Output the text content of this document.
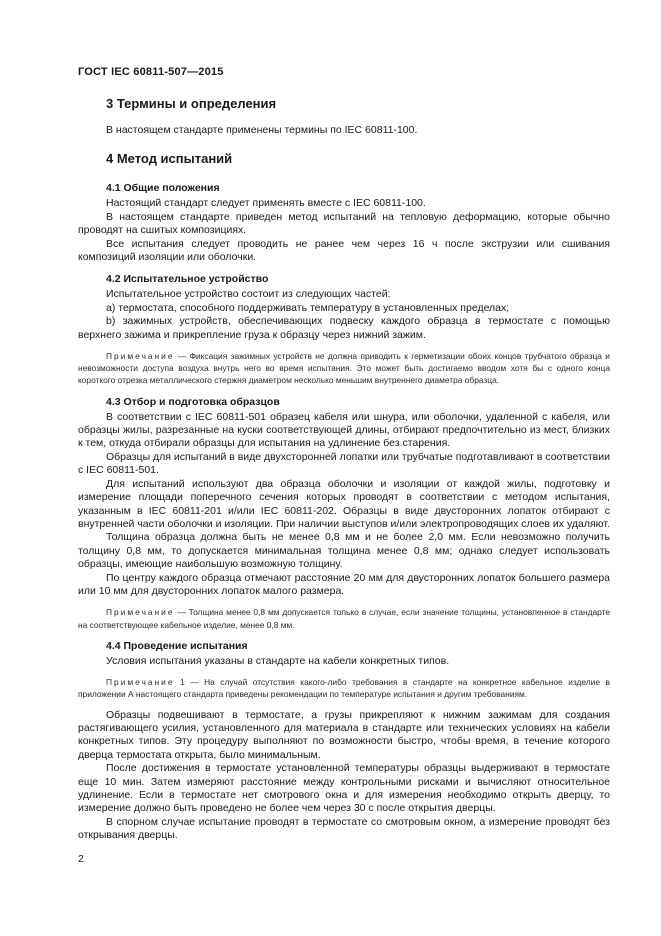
ГОСТ IEC 60811-507—2015
3 Термины и определения

В настоящем стандарте применены термины по IEC 60811-100.

4 Метод испытаний
4.1 Общие положения

Настоящий стандарт следует применять вместе с IEC 60811-100.

В настоящем стандарте приведен метод испытаний на тепловую деформацию, которые обычно проводят на сшитых композициях.

Все испытания следует проводить не ранее чем через 16 ч после экструзии или сшивания композиций изоляции или оболочки.

4.2 Испытательное устройство

Испытательное устройство состоит из следующих частей:

a) термостата, способного поддерживать температуру в установленных пределах;

b) зажимных устройств, обеспечивающих подвеску каждого образца в термостате с помощью верхнего зажима и прикрепление груза к образцу через нижний зажим.

Примечание — Фиксация зажимных устройств не должна приводить к герметизации обоих концов трубчатого образца и невозможности доступа воздуха внутрь него во время испытания. Это может быть достигаемо вводом хотя бы с одного конца короткого отрезка металлического стержня диаметром несколько меньшим внутреннего диаметра образца.

4.3 Отбор и подготовка образцов

В соответствии с IEC 60811-501 образец кабеля или шнура, или оболочки, удаленной с кабеля, или образцы жилы, разрезанные на куски соответствующей длины, отбирают предпочтительно из мест, близких к тем, откуда отбирали образцы для испытания на удлинение без старения.

Образцы для испытаний в виде двухсторонней лопатки или трубчатые подготавливают в соответствии с IEC 60811-501.

Для испытаний используют два образца оболочки и изоляции от каждой жилы, подготовку и измерение площади поперечного сечения которых проводят в соответствии с методом испытания, указанным в IEC 60811-201 и/или IEC 60811-202. Образцы в виде двусторонних лопаток отбирают с внутренней части оболочки и изоляции. При наличии выступов и/или электропроводящих слоев их удаляют.

Толщина образца должна быть не менее 0,8 мм и не более 2,0 мм. Если невозможно получить толщину 0,8 мм, то допускается минимальная толщина менее 0,8 мм; однако следует использовать образцы, имеющие наибольшую возможную толщину.

По центру каждого образца отмечают расстояние 20 мм для двусторонних лопаток большего размера или 10 мм для двусторонних лопаток малого размера.

Примечание — Толщина менее 0,8 мм допускается только в случае, если значение толщины, установленное в стандарте на соответствующее кабельное изделие, менее 0,8 мм.

4.4 Проведение испытания

Условия испытания указаны в стандарте на кабели конкретных типов.

Примечание 1 — На случай отсутствия какого-либо требования в стандарте на конкретное кабельное изделие в приложении А настоящего стандарта приведены рекомендации по температуре испытания и другим требованиям.

Образцы подвешивают в термостате, а грузы прикрепляют к нижним зажимам для создания растягивающего усилия, установленного для материала в стандарте или технических условиях на кабели конкретных типов. Эту процедуру выполняют по возможности быстро, чтобы время, в течение которого дверца термостата открыта, было минимальным.

После достижения в термостате установленной температуры образцы выдерживают в термостате еще 10 мин. Затем измеряют расстояние между контрольными рисками и вычисляют относительное удлинение. Если в термостате нет смотрового окна и для измерения необходимо открыть дверцу, то измерение должно быть проведено не более чем через 30 с после открытия дверцы.

В спорном случае испытание проводят в термостате со смотровым окном, а измерение проводят без открывания дверцы.

2
